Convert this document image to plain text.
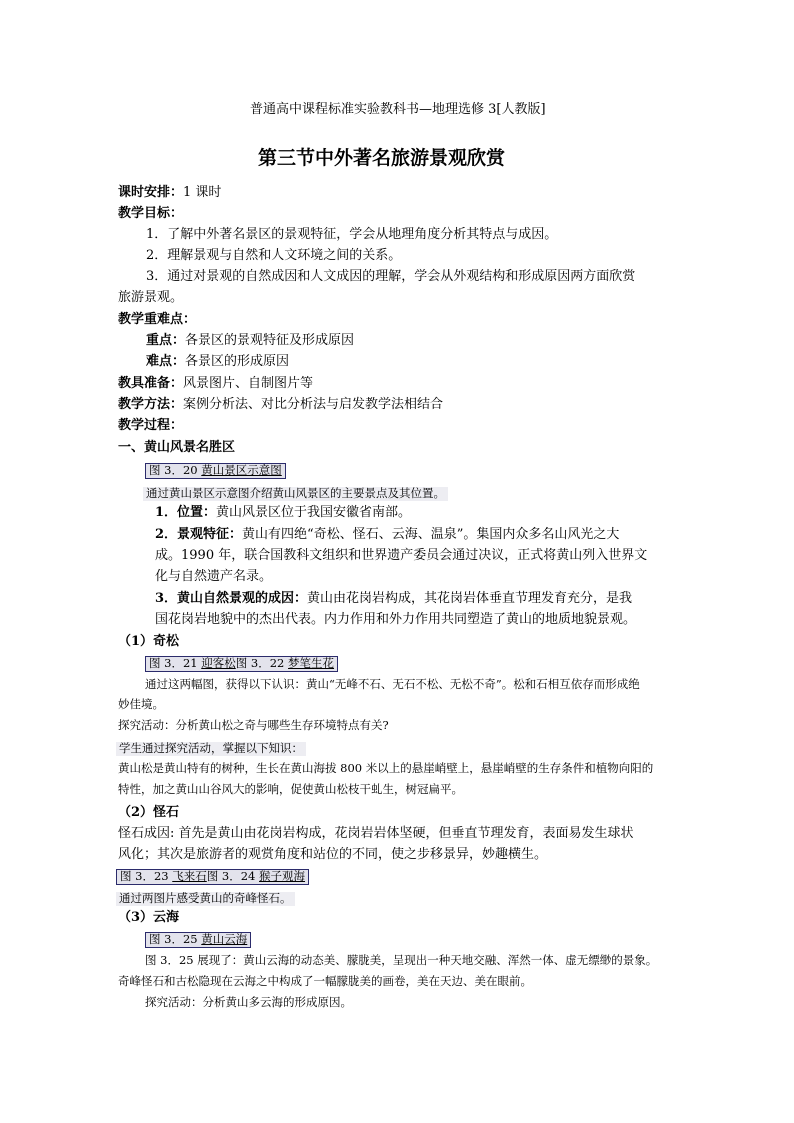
普通高中课程标准实验教科书—地理选修 3[人教版]
第三节中外著名旅游景观欣赏
课时安排：1 课时
教学目标：
1．了解中外著名景区的景观特征，学会从地理角度分析其特点与成因。
2．理解景观与自然和人文环境之间的关系。
3．通过对景观的自然成因和人文成因的理解，学会从外观结构和形成原因两方面欣赏
旅游景观。
教学重难点：
重点：各景区的景观特征及形成原因
难点：各景区的形成原因
教具准备：风景图片、自制图片等
教学方法：案例分析法、对比分析法与启发教学法相结合
教学过程：
一、黄山风景名胜区
图 3．20 黄山景区示意图
通过黄山景区示意图介绍黄山风景区的主要景点及其位置。
1．位置：黄山风景区位于我国安徽省南部。
2．景观特征：黄山有四绝“奇松、怪石、云海、温泉”。集国内众多名山风光之大
成。1990 年，联合国教科文组织和世界遗产委员会通过决议，正式将黄山列入世界文
化与自然遗产名录。
3．黄山自然景观的成因：黄山由花岗岩构成，其花岗岩体垂直节理发育充分，是我
国花岗岩地貌中的杰出代表。内力作用和外力作用共同塑造了黄山的地质地貌景观。
（1）奇松
图 3．21 迎客松图 3．22 梦笔生花
通过这两幅图，获得以下认识：黄山“无峰不石、无石不松、无松不奇”。松和石相互依存而形成绝
妙佳境。
探究活动：分析黄山松之奇与哪些生存环境特点有关?
学生通过探究活动，掌握以下知识：
黄山松是黄山特有的树种，生长在黄山海拔 800 米以上的悬崖峭壁上，悬崖峭壁的生存条件和植物向阳的
特性，加之黄山山谷风大的影响，促使黄山松枝干虬生，树冠扁平。
（2）怪石
怪石成因: 首先是黄山由花岗岩构成，花岗岩岩体坚硬，但垂直节理发育，表面易发生球状
风化；其次是旅游者的观赏角度和站位的不同，使之步移景异，妙趣横生。
图 3．23 飞来石图 3．24 猴子观海
通过两图片感受黄山的奇峰怪石。
（3）云海
图 3．25 黄山云海
图 3．25 展现了：黄山云海的动态美、朦胧美，呈现出一种天地交融、浑然一体、虚无缥缈的景象。
奇峰怪石和古松隐现在云海之中构成了一幅朦胧美的画卷，美在天边、美在眼前。
探究活动：分析黄山多云海的形成原因。
